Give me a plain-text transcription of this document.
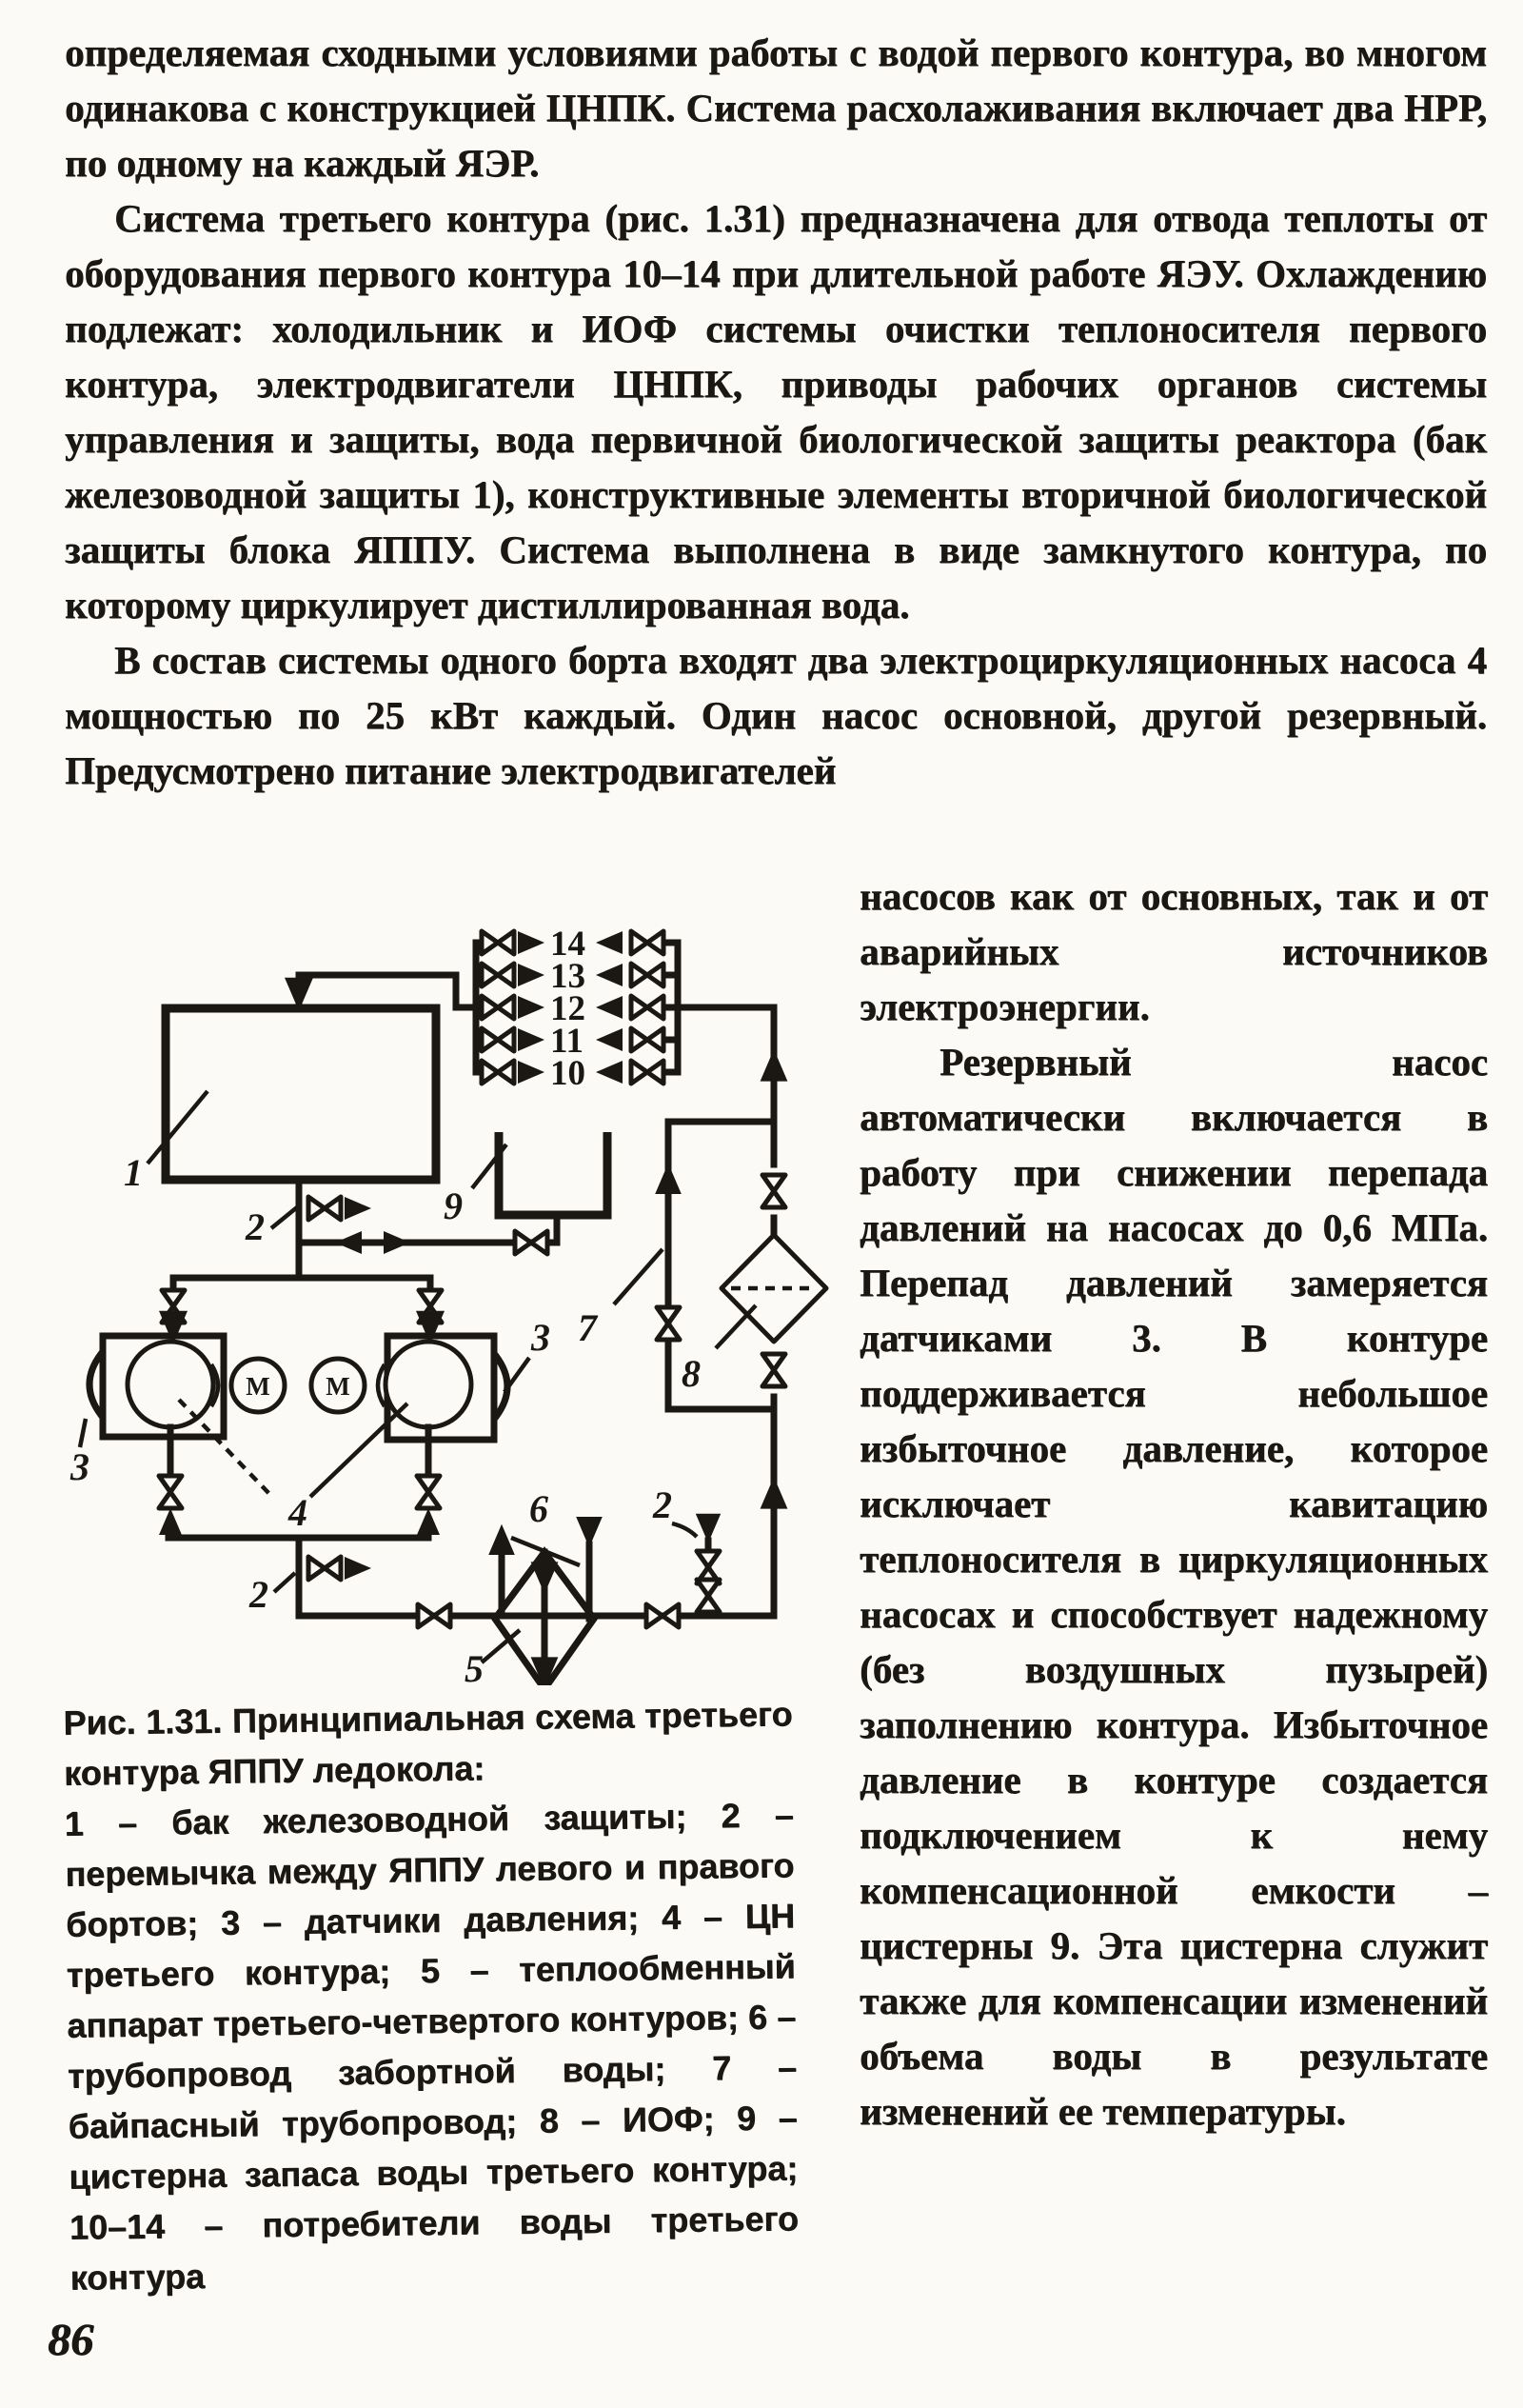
определяемая сходными условиями работы с водой первого контура, во многом одинакова с конструкцией ЦНПК. Система расхолаживания включает два НРР, по одному на каждый ЯЭР.

Система третьего контура (рис. 1.31) предназначена для отвода теплоты от оборудования первого контура 10–14 при длительной работе ЯЭУ. Охлаждению подлежат: холодильник и ИОФ системы очистки теплоносителя первого контура, электродвигатели ЦНПК, приводы рабочих органов системы управления и защиты, вода первичной биологической защиты реактора (бак железоводной защиты 1), конструктивные элементы вторичной биологической защиты блока ЯППУ. Система выполнена в виде замкнутого контура, по которому циркулирует дистиллированная вода.

В состав системы одного борта входят два электроциркуляционных насоса 4 мощностью по 25 кВт каждый. Один насос основной, другой резервный. Предусмотрено питание электродвигателей

насосов как от основных, так и от аварийных источников электроэнергии.

Резервный насос автоматически включается в работу при снижении перепада давлений на насосах до 0,6 МПа. Перепад давлений замеряется датчиками 3. В контуре поддерживается небольшое избыточное давление, которое исключает кавитацию теплоносителя в циркуляционных насосах и способствует надежному (без воздушных пузырей) заполнению контура. Избыточное давление в контуре создается подключением к нему компенсационной емкости – цистерны 9. Эта цистерна служит также для компенсации изменений объема воды в результате изменений ее температуры.

1
14
13
12
11
10
9
2
М М
3
3
4
2
5
6
8
7
2

Рис. 1.31. Принципиальная схема третьего контура ЯППУ ледокола:

1 – бак железоводной защиты; 2 – перемычка между ЯППУ левого и правого бортов; 3 – датчики давления; 4 – ЦН третьего контура; 5 – теплообменный аппарат третьего-четвертого контуров; 6 – трубопровод забортной воды; 7 – байпасный трубопровод; 8 – ИОФ; 9 – цистерна запаса воды третьего контура; 10–14 – потребители воды третьего контура

86
